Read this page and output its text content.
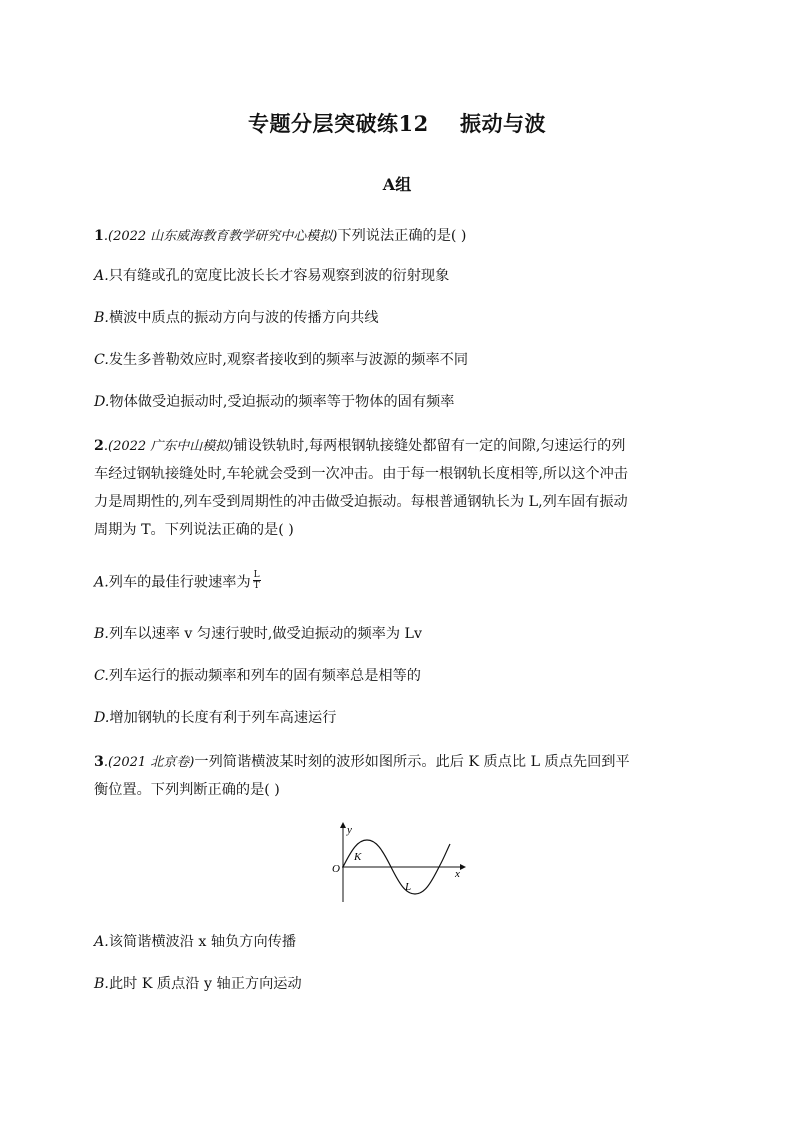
专题分层突破练12    振动与波
A组
1.(2022 山东威海教育教学研究中心模拟)下列说法正确的是( )
A.只有缝或孔的宽度比波长长才容易观察到波的衍射现象
B.横波中质点的振动方向与波的传播方向共线
C.发生多普勒效应时,观察者接收到的频率与波源的频率不同
D.物体做受迫振动时,受迫振动的频率等于物体的固有频率
2.(2022 广东中山模拟)铺设铁轨时,每两根钢轨接缝处都留有一定的间隙,匀速运行的列
车经过钢轨接缝处时,车轮就会受到一次冲击。由于每一根钢轨长度相等,所以这个冲击
力是周期性的,列车受到周期性的冲击做受迫振动。每根普通钢轨长为 L,列车固有振动
周期为 T。下列说法正确的是( )
A.列车的最佳行驶速率为 $\frac{L}{T}$
B.列车以速率 v 匀速行驶时,做受迫振动的频率为 Lv
C.列车运行的振动频率和列车的固有频率总是相等的
D.增加钢轨的长度有利于列车高速运行
3.(2021 北京卷)一列简谐横波某时刻的波形如图所示。此后 K 质点比 L 质点先回到平
衡位置。下列判断正确的是( )
O	x
y
K
L
A.该简谐横波沿 x 轴负方向传播
B.此时 K 质点沿 y 轴正方向运动
